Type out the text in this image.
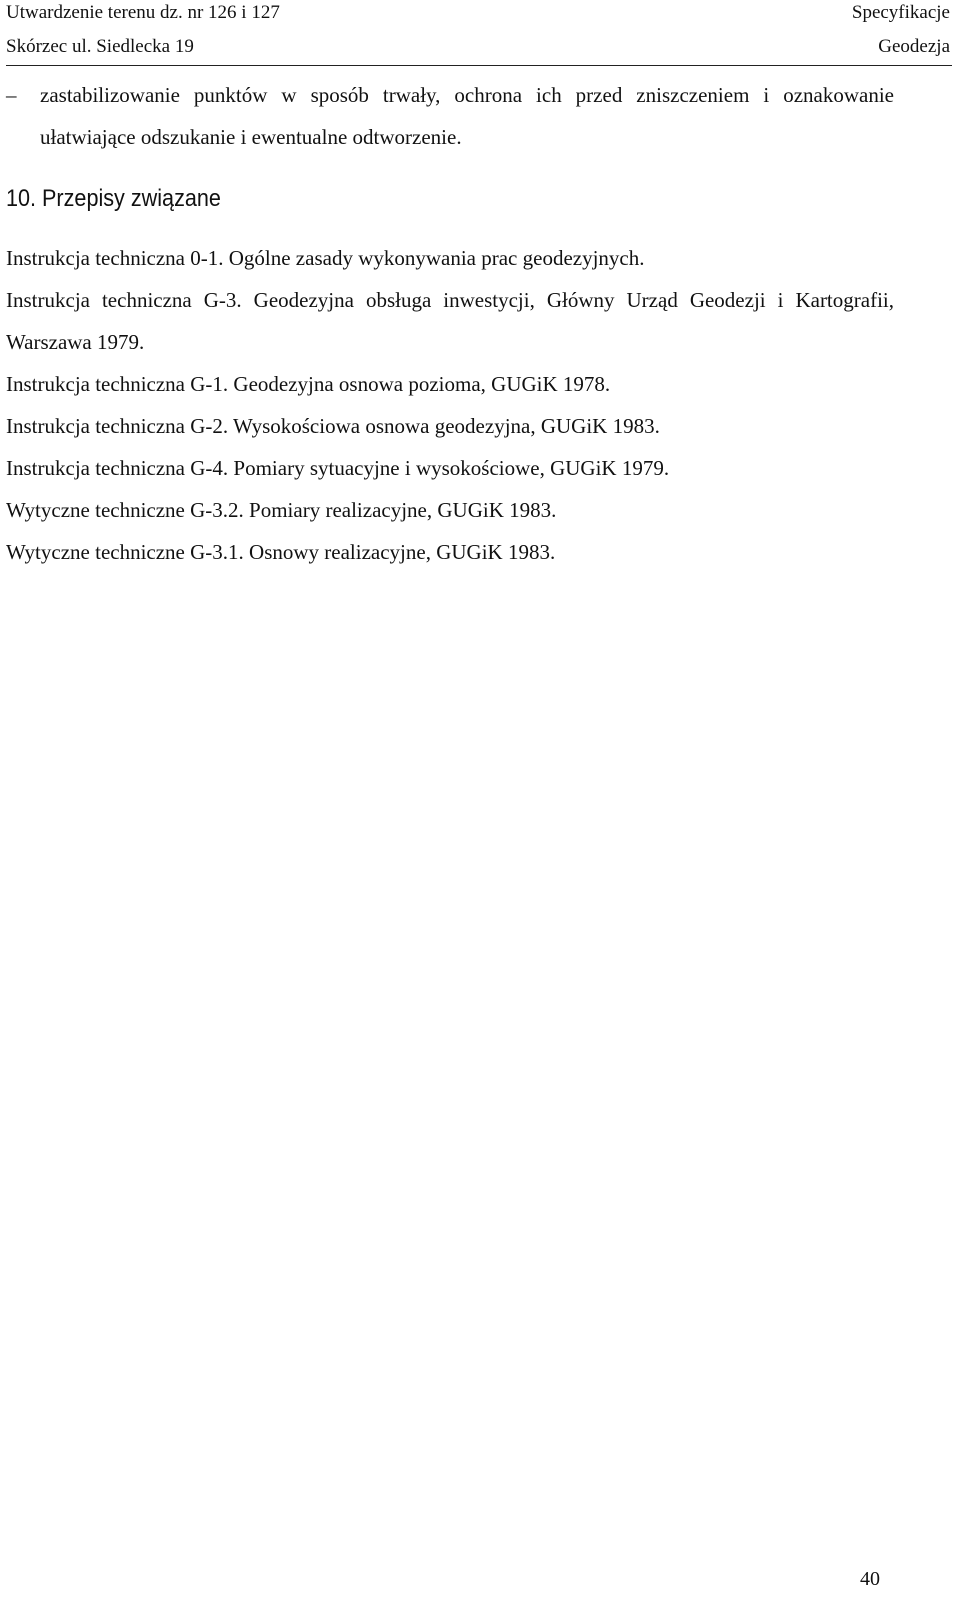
Utwardzenie terenu dz. nr 126 i 127
Skórzec ul. Siedlecka 19
Specyfikacje
Geodezja
– zastabilizowanie punktów w sposób trwały, ochrona ich przed zniszczeniem i oznakowanie ułatwiające odszukanie i ewentualne odtworzenie.
10. Przepisy związane
Instrukcja techniczna 0-1. Ogólne zasady wykonywania prac geodezyjnych.
Instrukcja techniczna G-3. Geodezyjna obsługa inwestycji, Główny Urząd Geodezji i Kartografii, Warszawa 1979.
Instrukcja techniczna G-1. Geodezyjna osnowa pozioma, GUGiK 1978.
Instrukcja techniczna G-2. Wysokościowa osnowa geodezyjna, GUGiK 1983.
Instrukcja techniczna G-4. Pomiary sytuacyjne i wysokościowe, GUGiK 1979.
Wytyczne techniczne G-3.2. Pomiary realizacyjne, GUGiK 1983.
Wytyczne techniczne G-3.1. Osnowy realizacyjne, GUGiK 1983.
40
